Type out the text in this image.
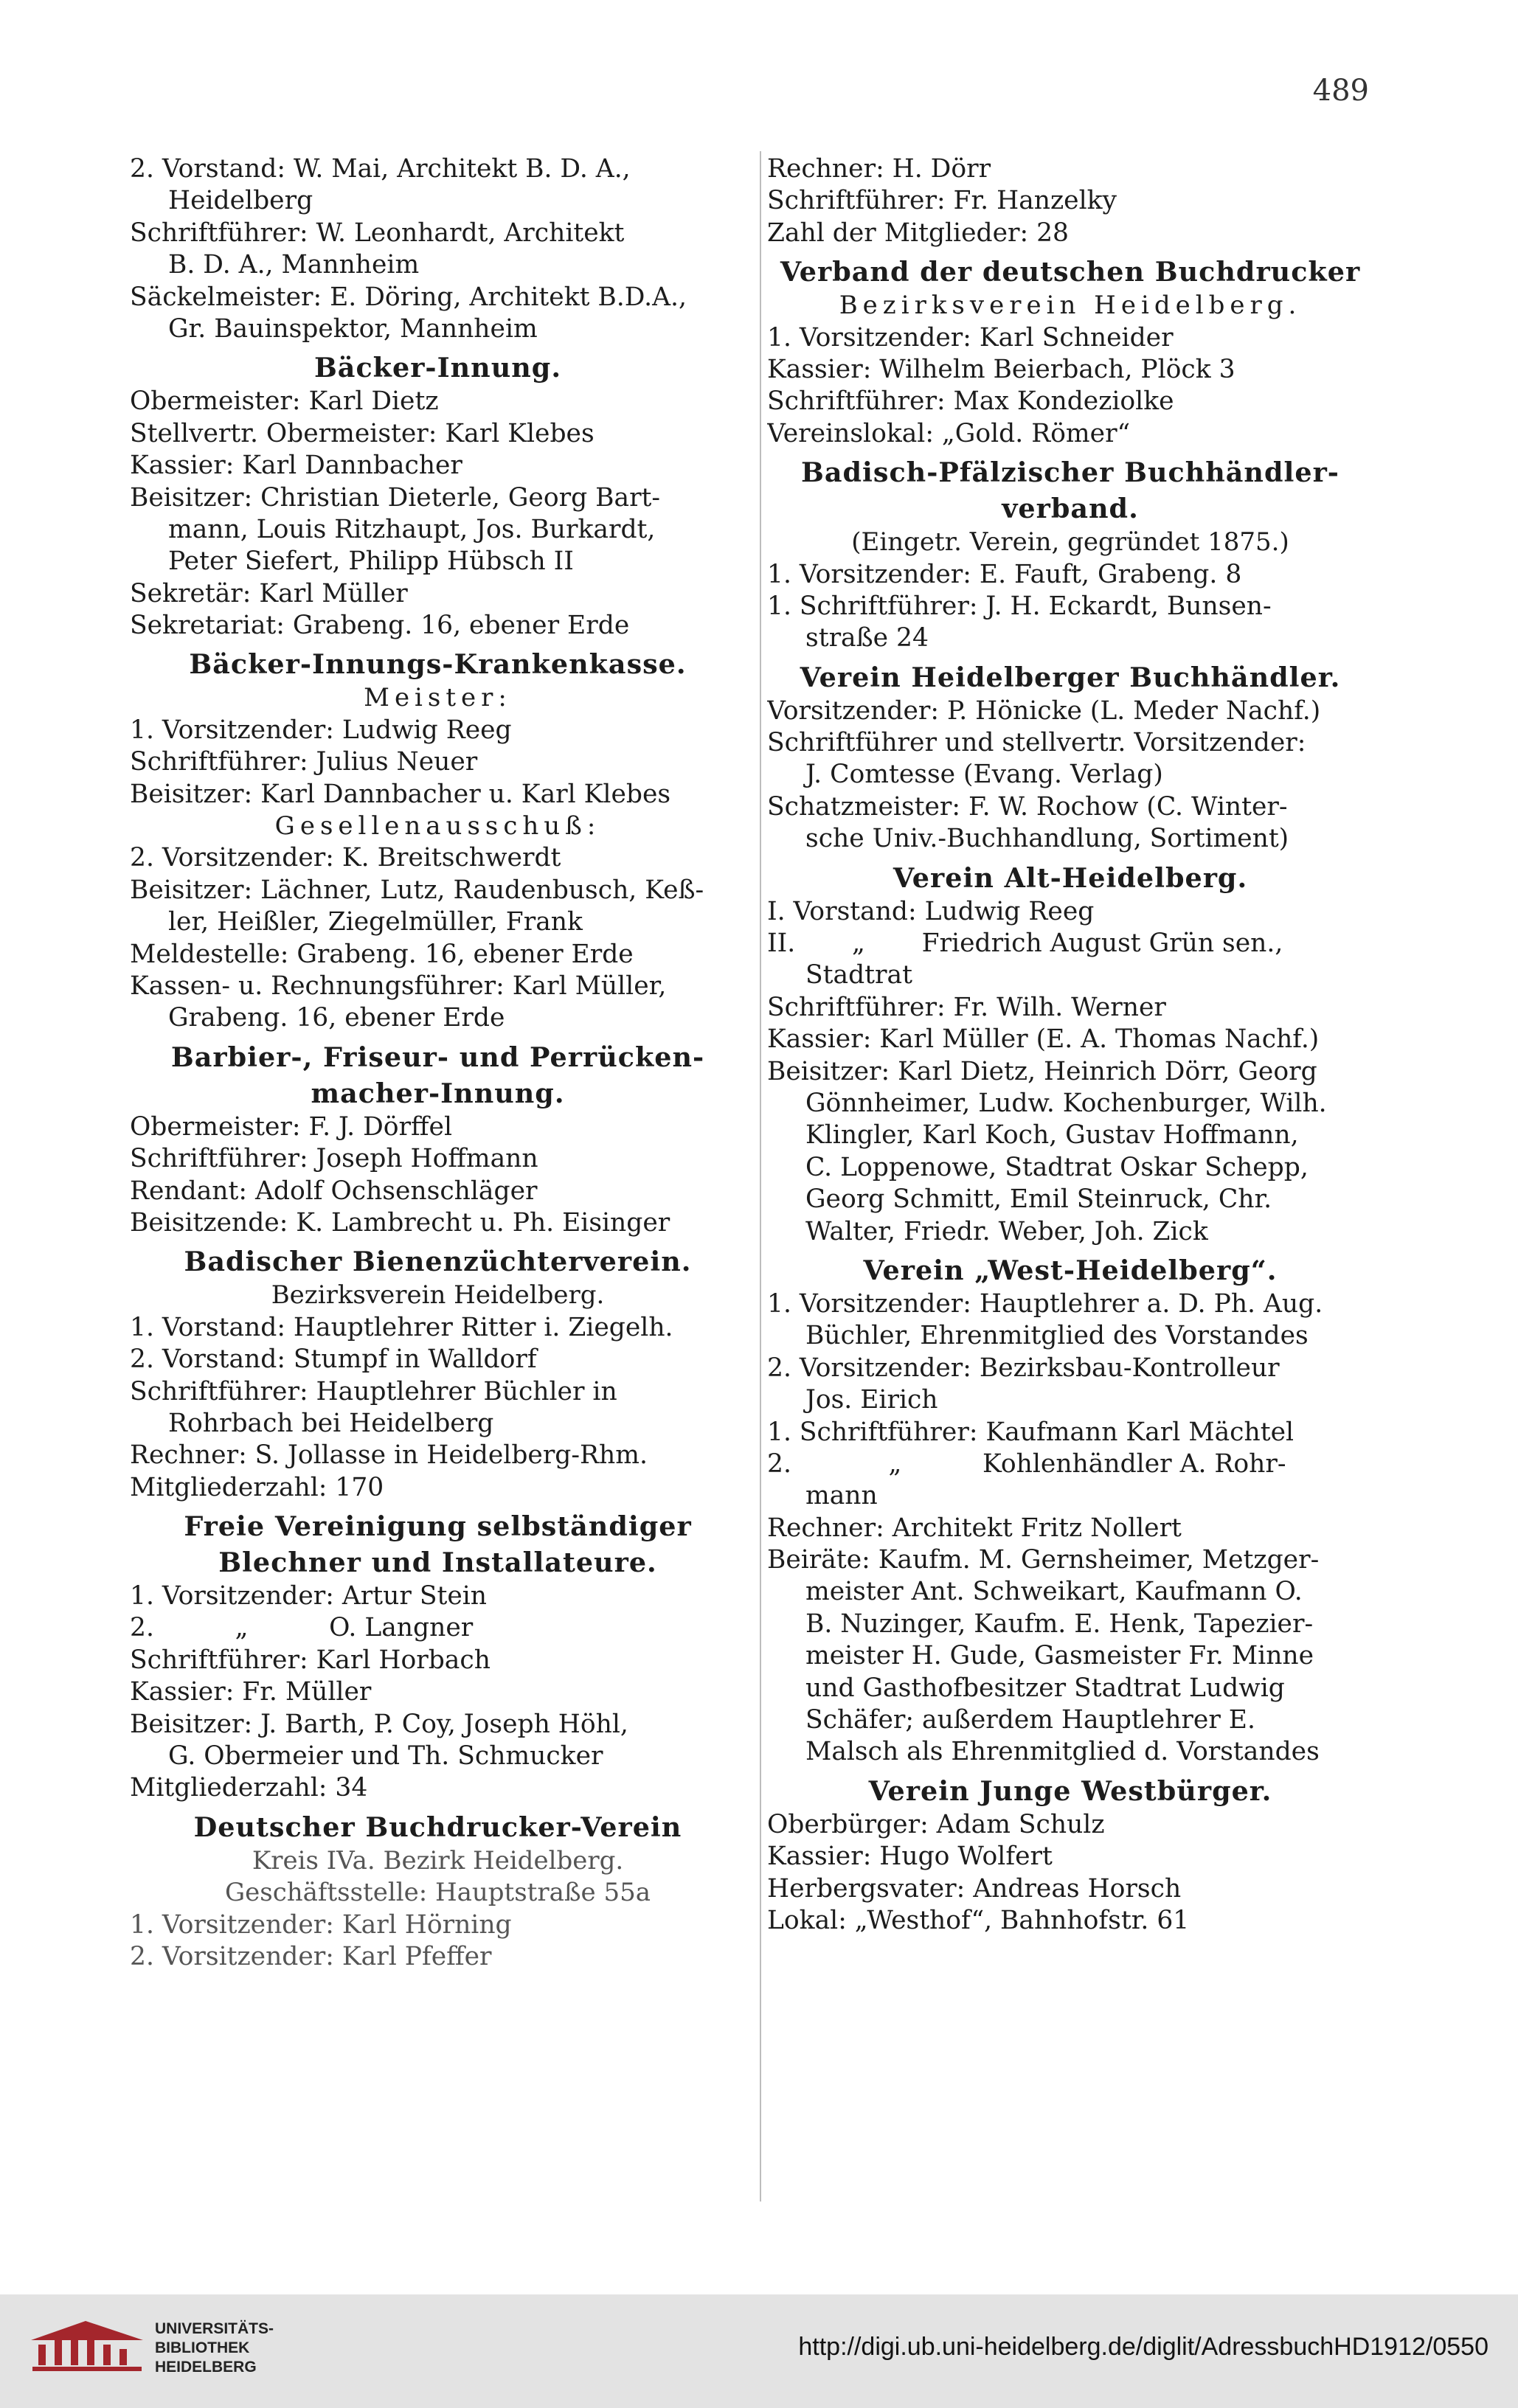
489
2. Vorstand: W. Mai, Architekt B. D. A.,
Heidelberg
Schriftführer: W. Leonhardt, Architekt
B. D. A., Mannheim
Säckelmeister: E. Döring, Architekt B.D.A.,
Gr. Bauinspektor, Mannheim
Bäcker-Innung.
Obermeister: Karl Dietz
Stellvertr. Obermeister: Karl Klebes
Kassier: Karl Dannbacher
Beisitzer: Christian Dieterle, Georg Bart-
mann, Louis Ritzhaupt, Jos. Burkardt,
Peter Siefert, Philipp Hübsch II
Sekretär: Karl Müller
Sekretariat: Grabeng. 16, ebener Erde
Bäcker-Innungs-Krankenkasse.
Meister:
1. Vorsitzender: Ludwig Reeg
Schriftführer: Julius Neuer
Beisitzer: Karl Dannbacher u. Karl Klebes
Gesellenausschuß:
2. Vorsitzender: K. Breitschwerdt
Beisitzer: Lächner, Lutz, Raudenbusch, Keß-
ler, Heißler, Ziegelmüller, Frank
Meldestelle: Grabeng. 16, ebener Erde
Kassen- u. Rechnungsführer: Karl Müller,
Grabeng. 16, ebener Erde
Barbier-, Friseur- und Perrücken-
macher-Innung.
Obermeister: F. J. Dörffel
Schriftführer: Joseph Hoffmann
Rendant: Adolf Ochsenschläger
Beisitzende: K. Lambrecht u. Ph. Eisinger
Badischer Bienenzüchterverein.
Bezirksverein Heidelberg.
1. Vorstand: Hauptlehrer Ritter i. Ziegelh.
2. Vorstand: Stumpf in Walldorf
Schriftführer: Hauptlehrer Büchler in
Rohrbach bei Heidelberg
Rechner: S. Jollasse in Heidelberg-Rhm.
Mitgliederzahl: 170
Freie Vereinigung selbständiger
Blechner und Installateure.
1. Vorsitzender: Artur Stein
2.          „          O. Langner
Schriftführer: Karl Horbach
Kassier: Fr. Müller
Beisitzer: J. Barth, P. Coy, Joseph Höhl,
G. Obermeier und Th. Schmucker
Mitgliederzahl: 34
Deutscher Buchdrucker-Verein
Kreis IVa. Bezirk Heidelberg.
Geschäftsstelle: Hauptstraße 55a
1. Vorsitzender: Karl Hörning
2. Vorsitzender: Karl Pfeffer
Rechner: H. Dörr
Schriftführer: Fr. Hanzelky
Zahl der Mitglieder: 28
Verband der deutschen Buchdrucker
Bezirksverein Heidelberg.
1. Vorsitzender: Karl Schneider
Kassier: Wilhelm Beierbach, Plöck 3
Schriftführer: Max Kondeziolke
Vereinslokal: „Gold. Römer“
Badisch-Pfälzischer Buchhändler-
verband.
(Eingetr. Verein, gegründet 1875.)
1. Vorsitzender: E. Fauft, Grabeng. 8
1. Schriftführer: J. H. Eckardt, Bunsen-
straße 24
Verein Heidelberger Buchhändler.
Vorsitzender: P. Hönicke (L. Meder Nachf.)
Schriftführer und stellvertr. Vorsitzender:
J. Comtesse (Evang. Verlag)
Schatzmeister: F. W. Rochow (C. Winter-
sche Univ.-Buchhandlung, Sortiment)
Verein Alt-Heidelberg.
I. Vorstand: Ludwig Reeg
II.       „       Friedrich August Grün sen.,
Stadtrat
Schriftführer: Fr. Wilh. Werner
Kassier: Karl Müller (E. A. Thomas Nachf.)
Beisitzer: Karl Dietz, Heinrich Dörr, Georg
Gönnheimer, Ludw. Kochenburger, Wilh.
Klingler, Karl Koch, Gustav Hoffmann,
C. Loppenowe, Stadtrat Oskar Schepp,
Georg Schmitt, Emil Steinruck, Chr.
Walter, Friedr. Weber, Joh. Zick
Verein „West-Heidelberg“.
1. Vorsitzender: Hauptlehrer a. D. Ph. Aug.
Büchler, Ehrenmitglied des Vorstandes
2. Vorsitzender: Bezirksbau-Kontrolleur
Jos. Eirich
1. Schriftführer: Kaufmann Karl Mächtel
2.            „          Kohlenhändler A. Rohr-
mann
Rechner: Architekt Fritz Nollert
Beiräte: Kaufm. M. Gernsheimer, Metzger-
meister Ant. Schweikart, Kaufmann O.
B. Nuzinger, Kaufm. E. Henk, Tapezier-
meister H. Gude, Gasmeister Fr. Minne
und Gasthofbesitzer Stadtrat Ludwig
Schäfer; außerdem Hauptlehrer E.
Malsch als Ehrenmitglied d. Vorstandes
Verein Junge Westbürger.
Oberbürger: Adam Schulz
Kassier: Hugo Wolfert
Herbergsvater: Andreas Horsch
Lokal: „Westhof“, Bahnhofstr. 61
UNIVERSITÄTS-
BIBLIOTHEK
HEIDELBERG
http://digi.ub.uni-heidelberg.de/diglit/AdressbuchHD1912/0550
